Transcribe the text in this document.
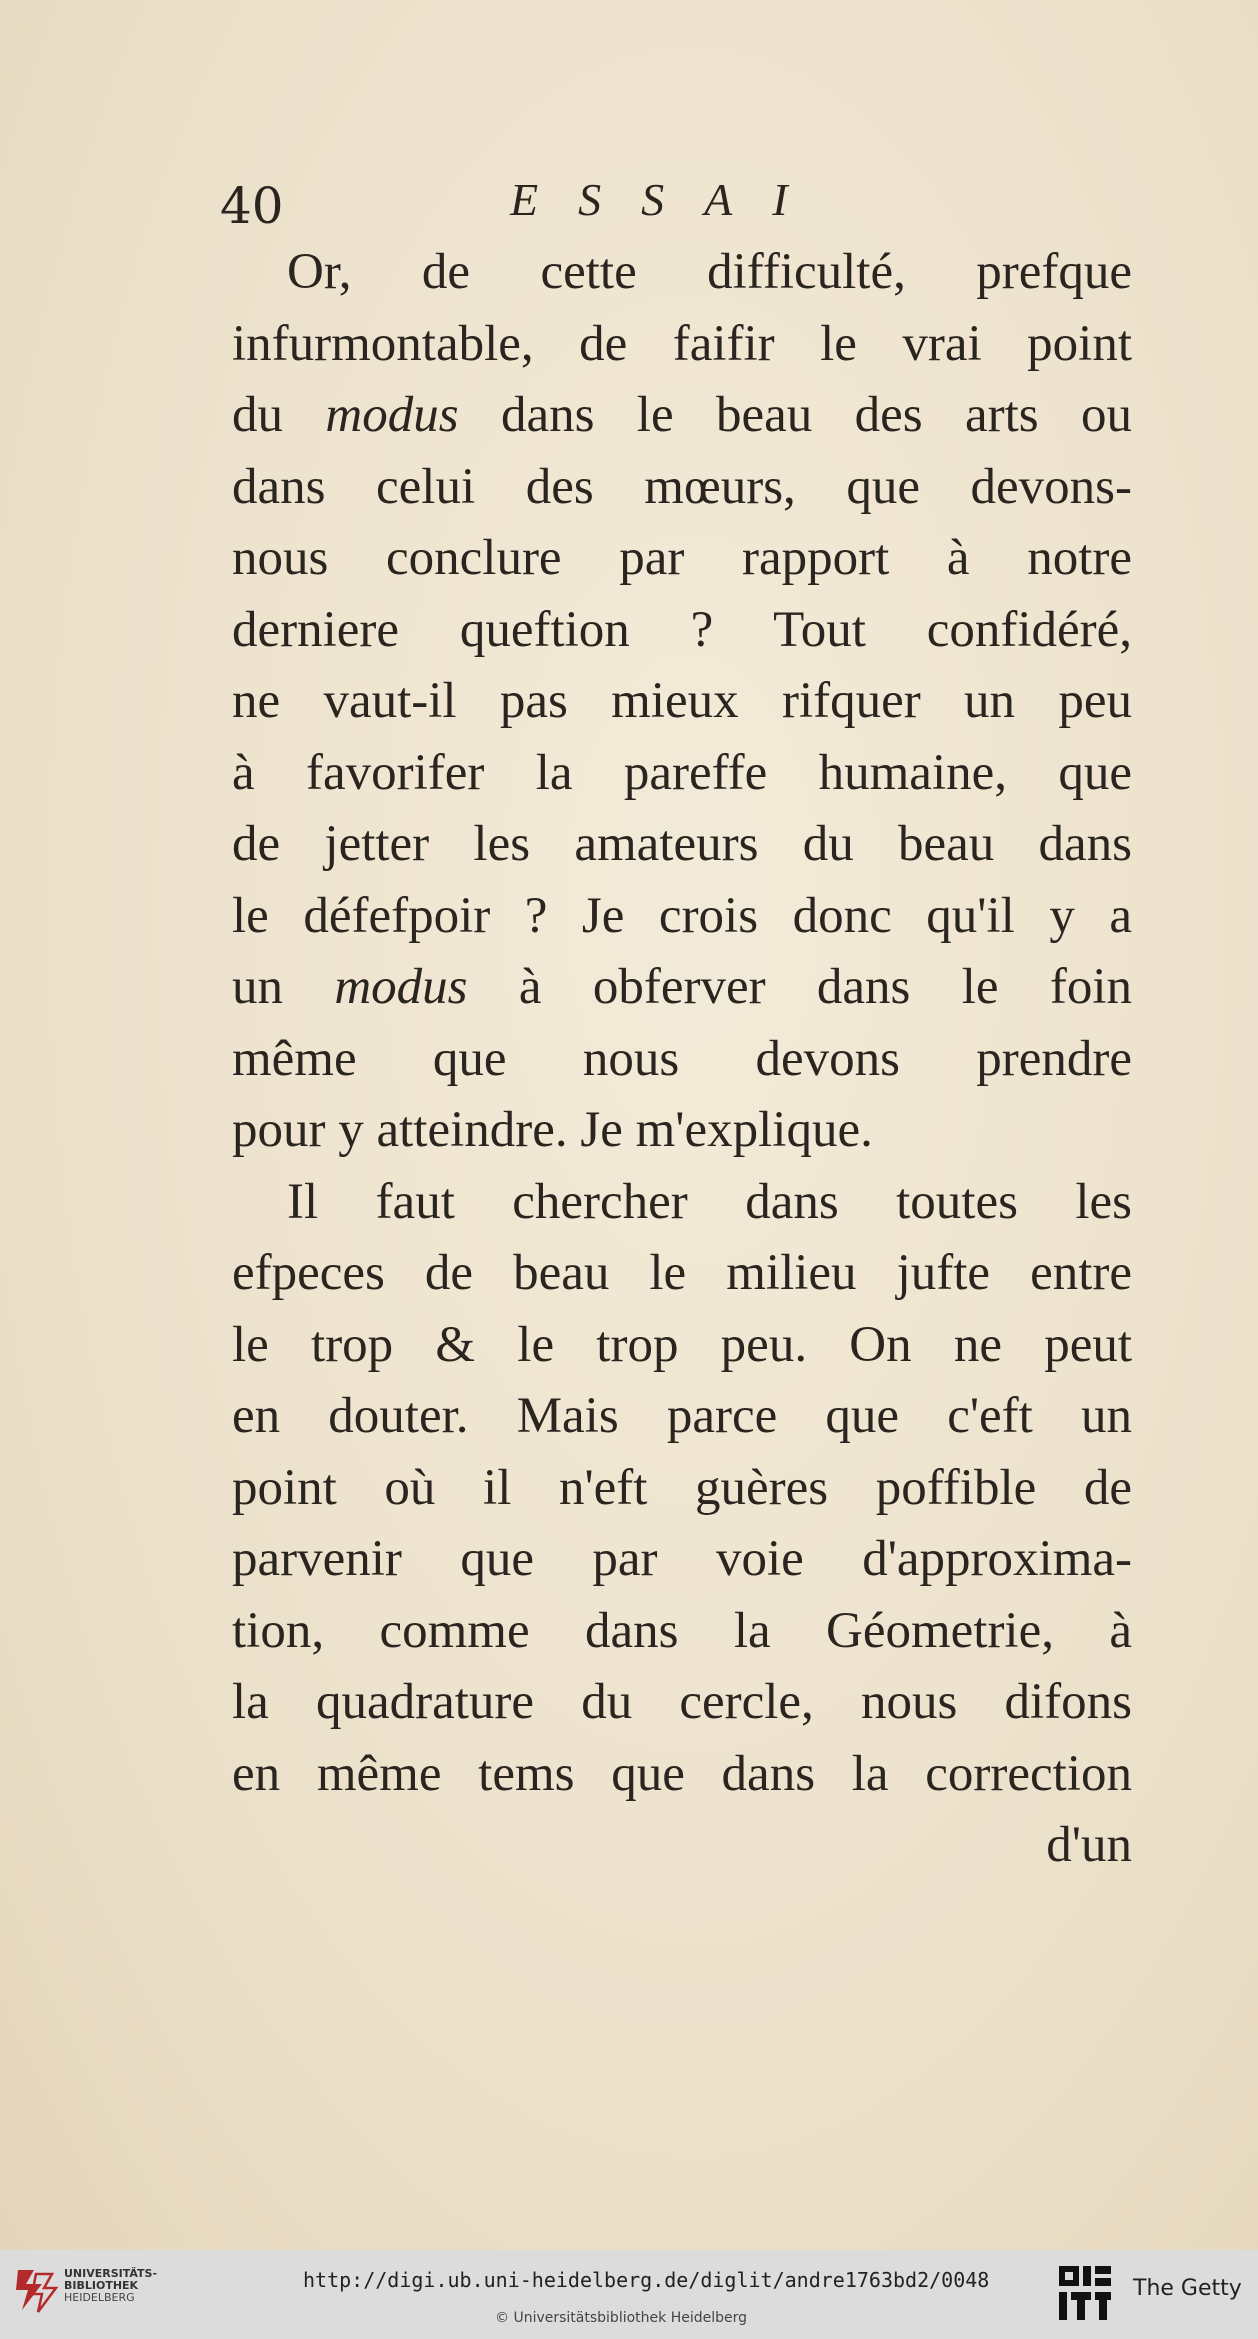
40	ESSAI
Or, de cette difficulté, prefque
infurmontable, de faifir le vrai point
du modus dans le beau des arts ou
dans celui des mœurs, que devons-
nous conclure par rapport à notre
derniere queftion ? Tout confidéré,
ne vaut-il pas mieux rifquer un peu
à favorifer la pareffe humaine, que
de jetter les amateurs du beau dans
le défefpoir ? Je crois donc qu'il y a
un modus à obferver dans le foin
même que nous devons prendre
pour y atteindre. Je m'explique.
Il faut chercher dans toutes les
efpeces de beau le milieu jufte entre
le trop & le trop peu. On ne peut
en douter. Mais parce que c'eft un
point où il n'eft guères poffible de
parvenir que par voie d'approxima-
tion, comme dans la Géometrie, à
la quadrature du cercle, nous difons
en même tems que dans la correction
d'un
UNIVERSITÄTS-
BIBLIOTHEK
HEIDELBERG
http://digi.ub.uni-heidelberg.de/diglit/andre1763bd2/0048
© Universitätsbibliothek Heidelberg
The Getty
